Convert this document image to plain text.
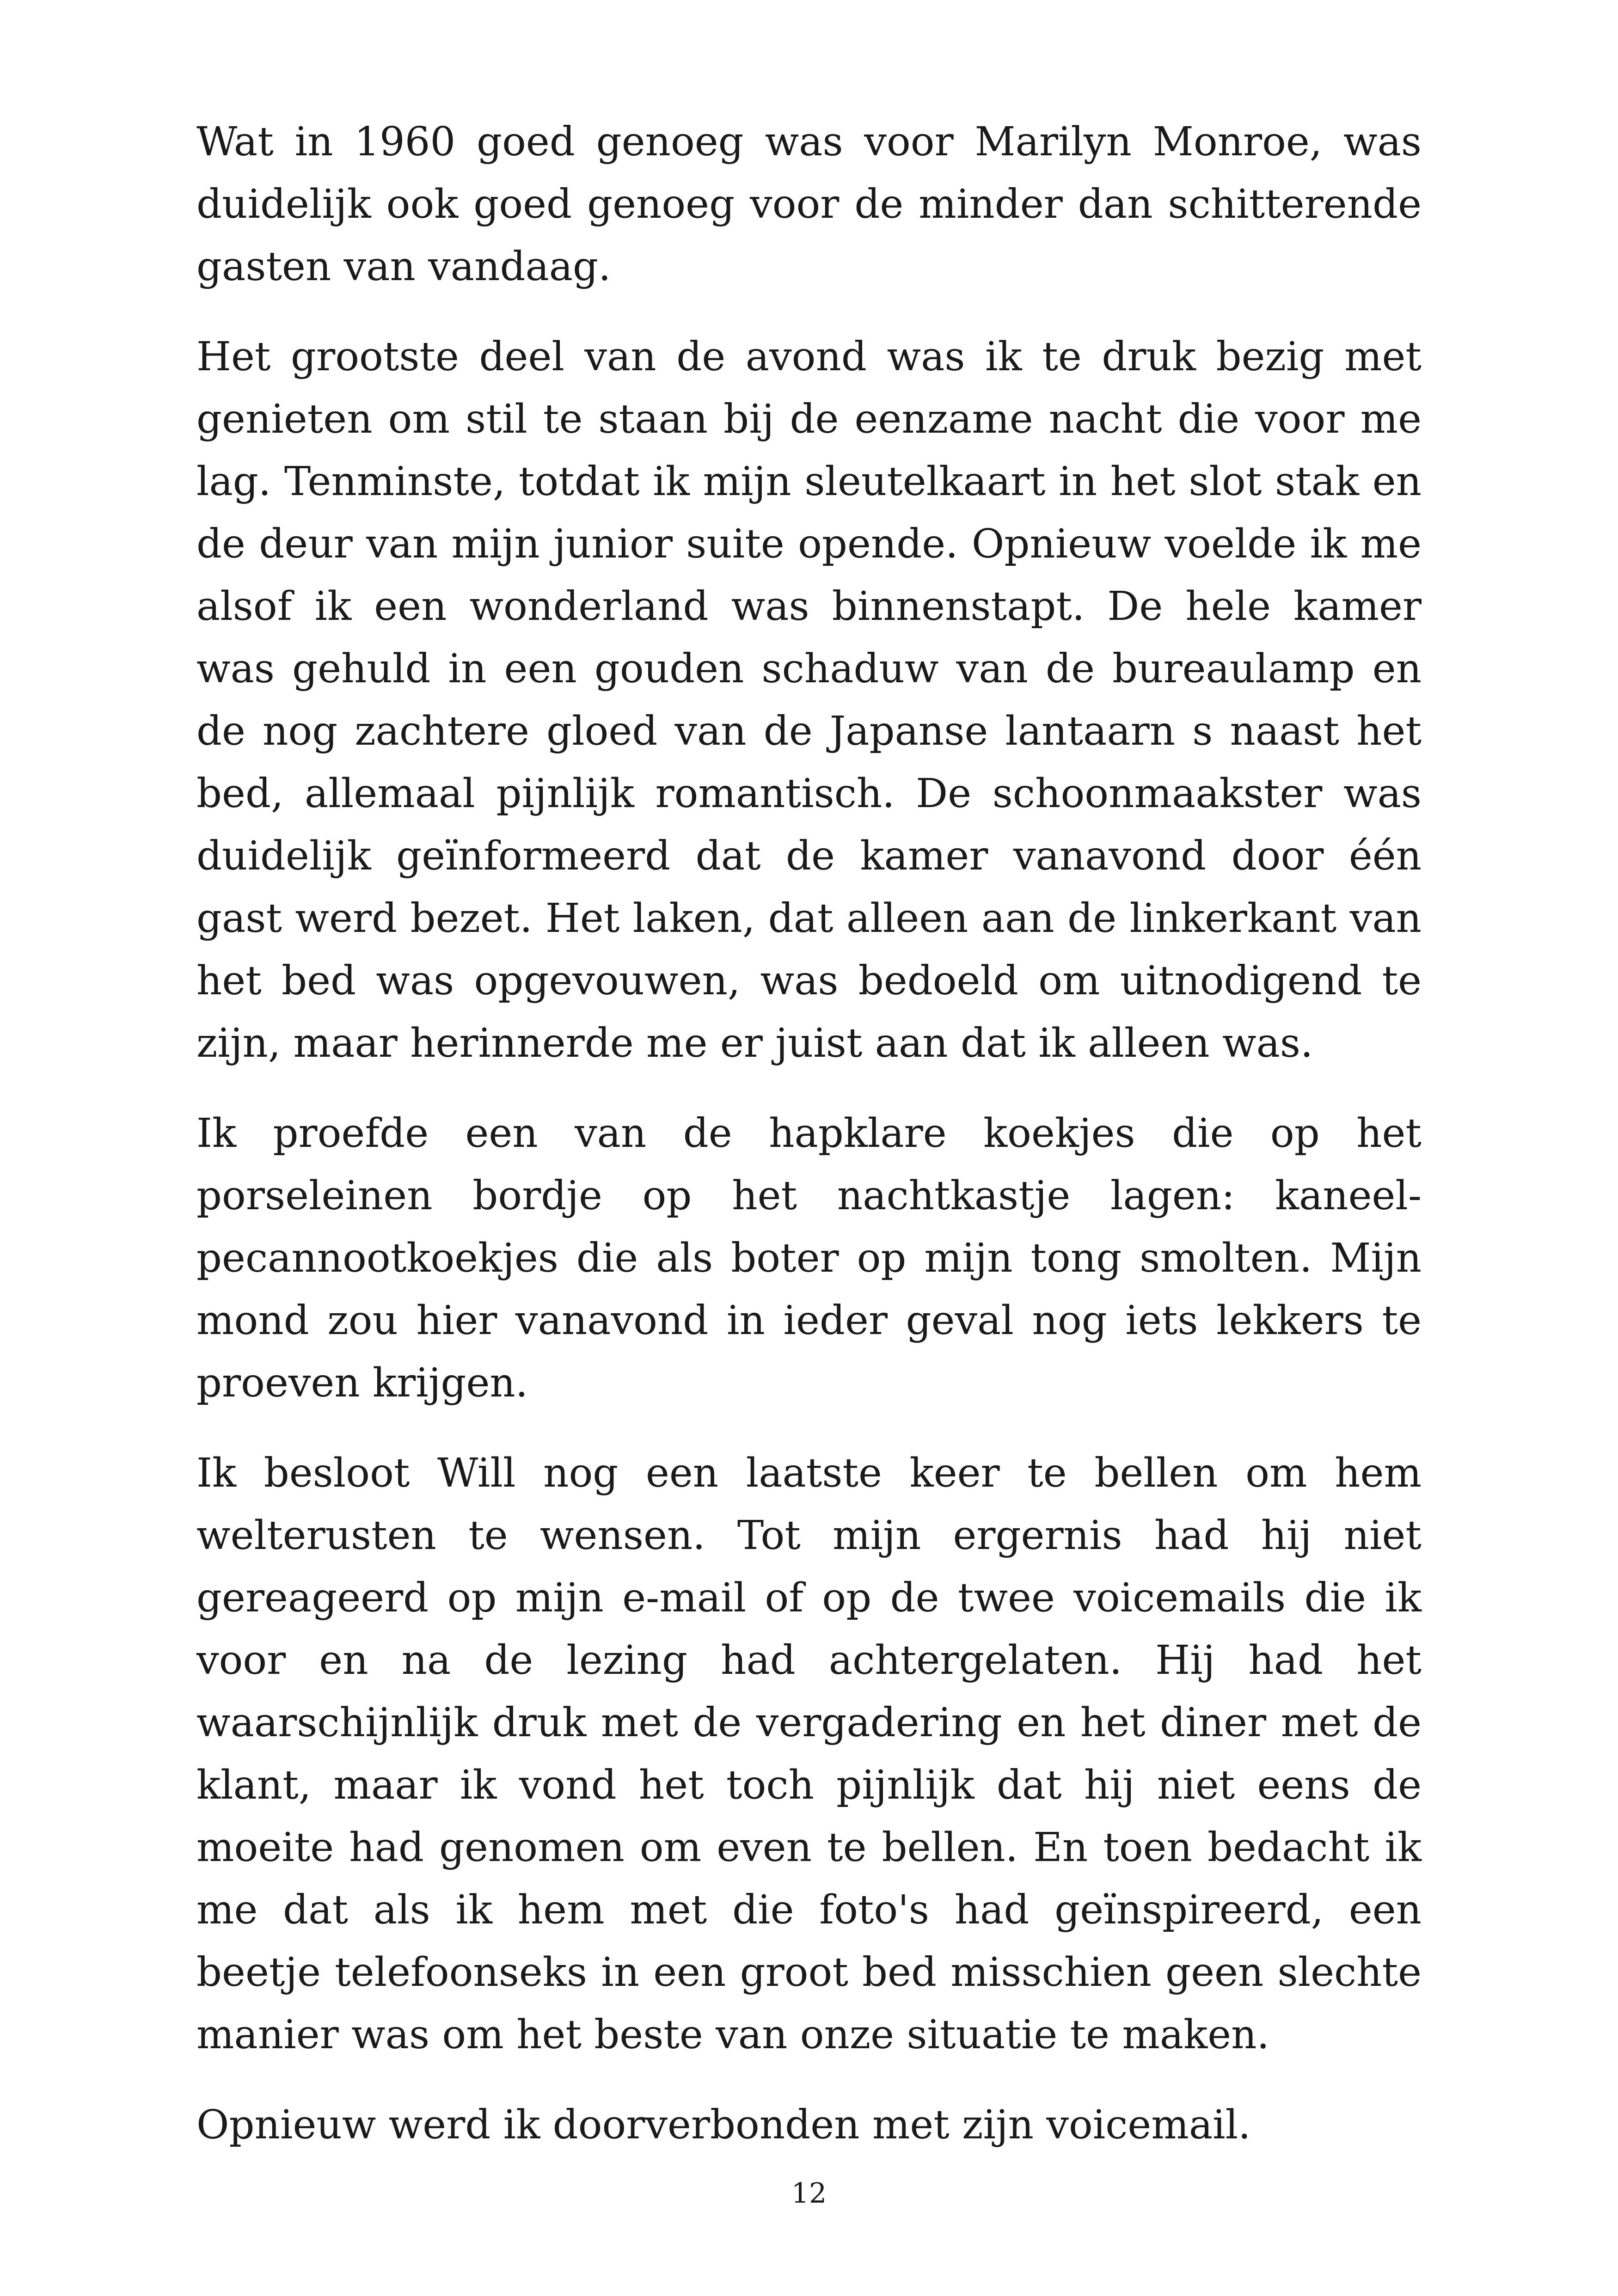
Wat in 1960 goed genoeg was voor Marilyn Monroe, was duidelijk ook goed genoeg voor de minder dan schitterende gasten van vandaag.

Het grootste deel van de avond was ik te druk bezig met genieten om stil te staan bij de eenzame nacht die voor me lag. Tenminste, totdat ik mijn sleutelkaart in het slot stak en de deur van mijn junior suite opende. Opnieuw voelde ik me alsof ik een wonderland was binnenstapt. De hele kamer was gehuld in een gouden schaduw van de bureaulamp en de nog zachtere gloed van de Japanse lantaarn s naast het bed, allemaal pijnlijk romantisch. De schoonmaakster was duidelijk geïnformeerd dat de kamer vanavond door één gast werd bezet. Het laken, dat alleen aan de linkerkant van het bed was opgevouwen, was bedoeld om uitnodigend te zijn, maar herinnerde me er juist aan dat ik alleen was.

Ik proefde een van de hapklare koekjes die op het porseleinen bordje op het nachtkastje lagen: kaneel-pecannootkoekjes die als boter op mijn tong smolten. Mijn mond zou hier vanavond in ieder geval nog iets lekkers te proeven krijgen.

Ik besloot Will nog een laatste keer te bellen om hem welterusten te wensen. Tot mijn ergernis had hij niet gereageerd op mijn e-mail of op de twee voicemails die ik voor en na de lezing had achtergelaten. Hij had het waarschijnlijk druk met de vergadering en het diner met de klant, maar ik vond het toch pijnlijk dat hij niet eens de moeite had genomen om even te bellen. En toen bedacht ik me dat als ik hem met die foto's had geïnspireerd, een beetje telefoonseks in een groot bed misschien geen slechte manier was om het beste van onze situatie te maken.

Opnieuw werd ik doorverbonden met zijn voicemail.

12
